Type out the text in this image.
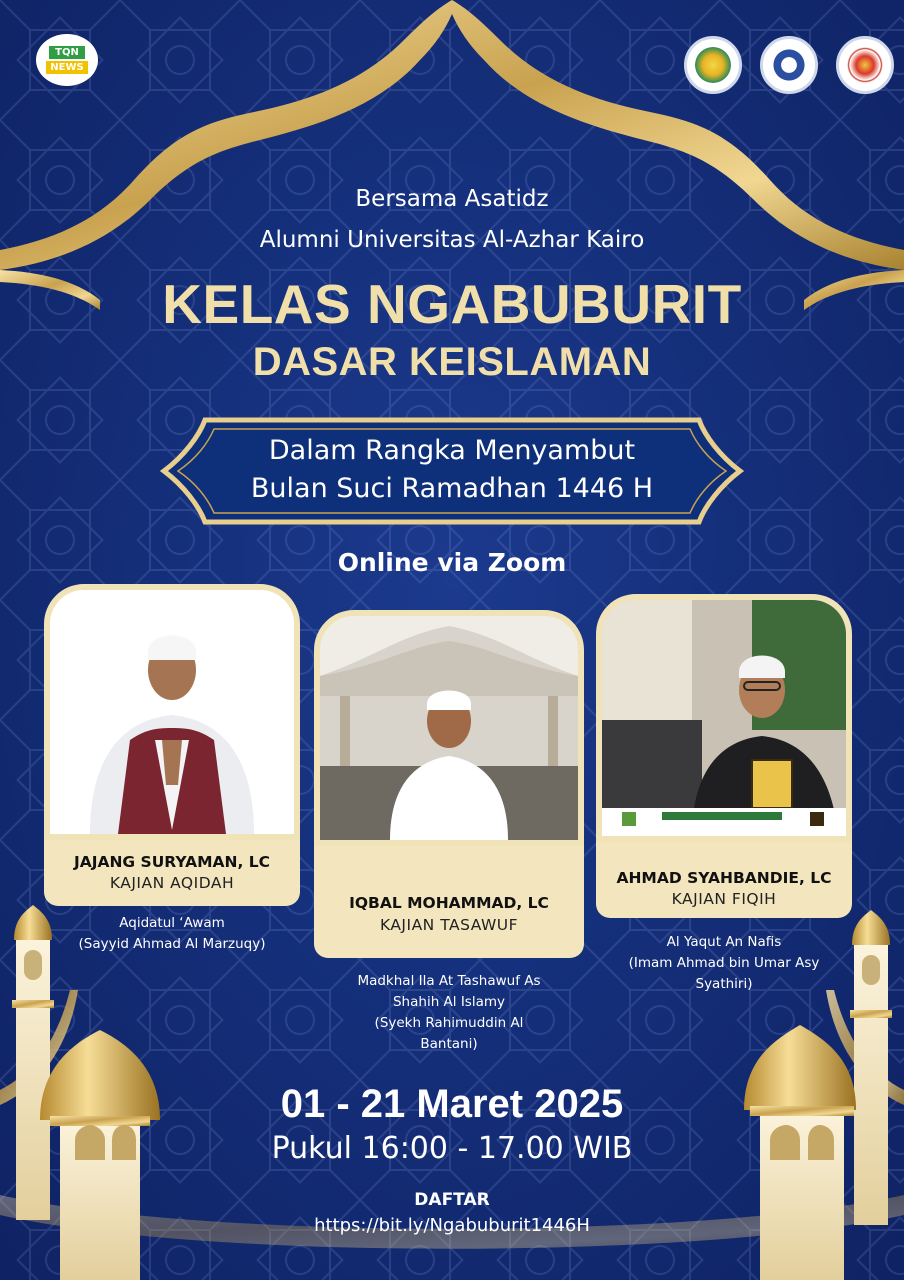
TQN
NEWS
Bersama Asatidz
Alumni Universitas Al-Azhar Kairo
KELAS NGABUBURIT
DASAR KEISLAMAN
Dalam Rangka Menyambut
Bulan Suci Ramadhan 1446 H
Online via Zoom
JAJANG SURYAMAN, LC
KAJIAN AQIDAH
Aqidatul ‘Awam
(Sayyid Ahmad Al Marzuqy)
IQBAL MOHAMMAD, LC
KAJIAN TASAWUF
Madkhal Ila At Tashawuf As
Shahih Al Islamy
(Syekh Rahimuddin Al
Bantani)
AHMAD SYAHBANDIE, LC
KAJIAN FIQIH
Al Yaqut An Nafis
(Imam Ahmad bin Umar Asy
Syathiri)
01 - 21 Maret 2025
Pukul 16:00 - 17.00 WIB
DAFTAR
https://bit.ly/Ngabuburit1446H
